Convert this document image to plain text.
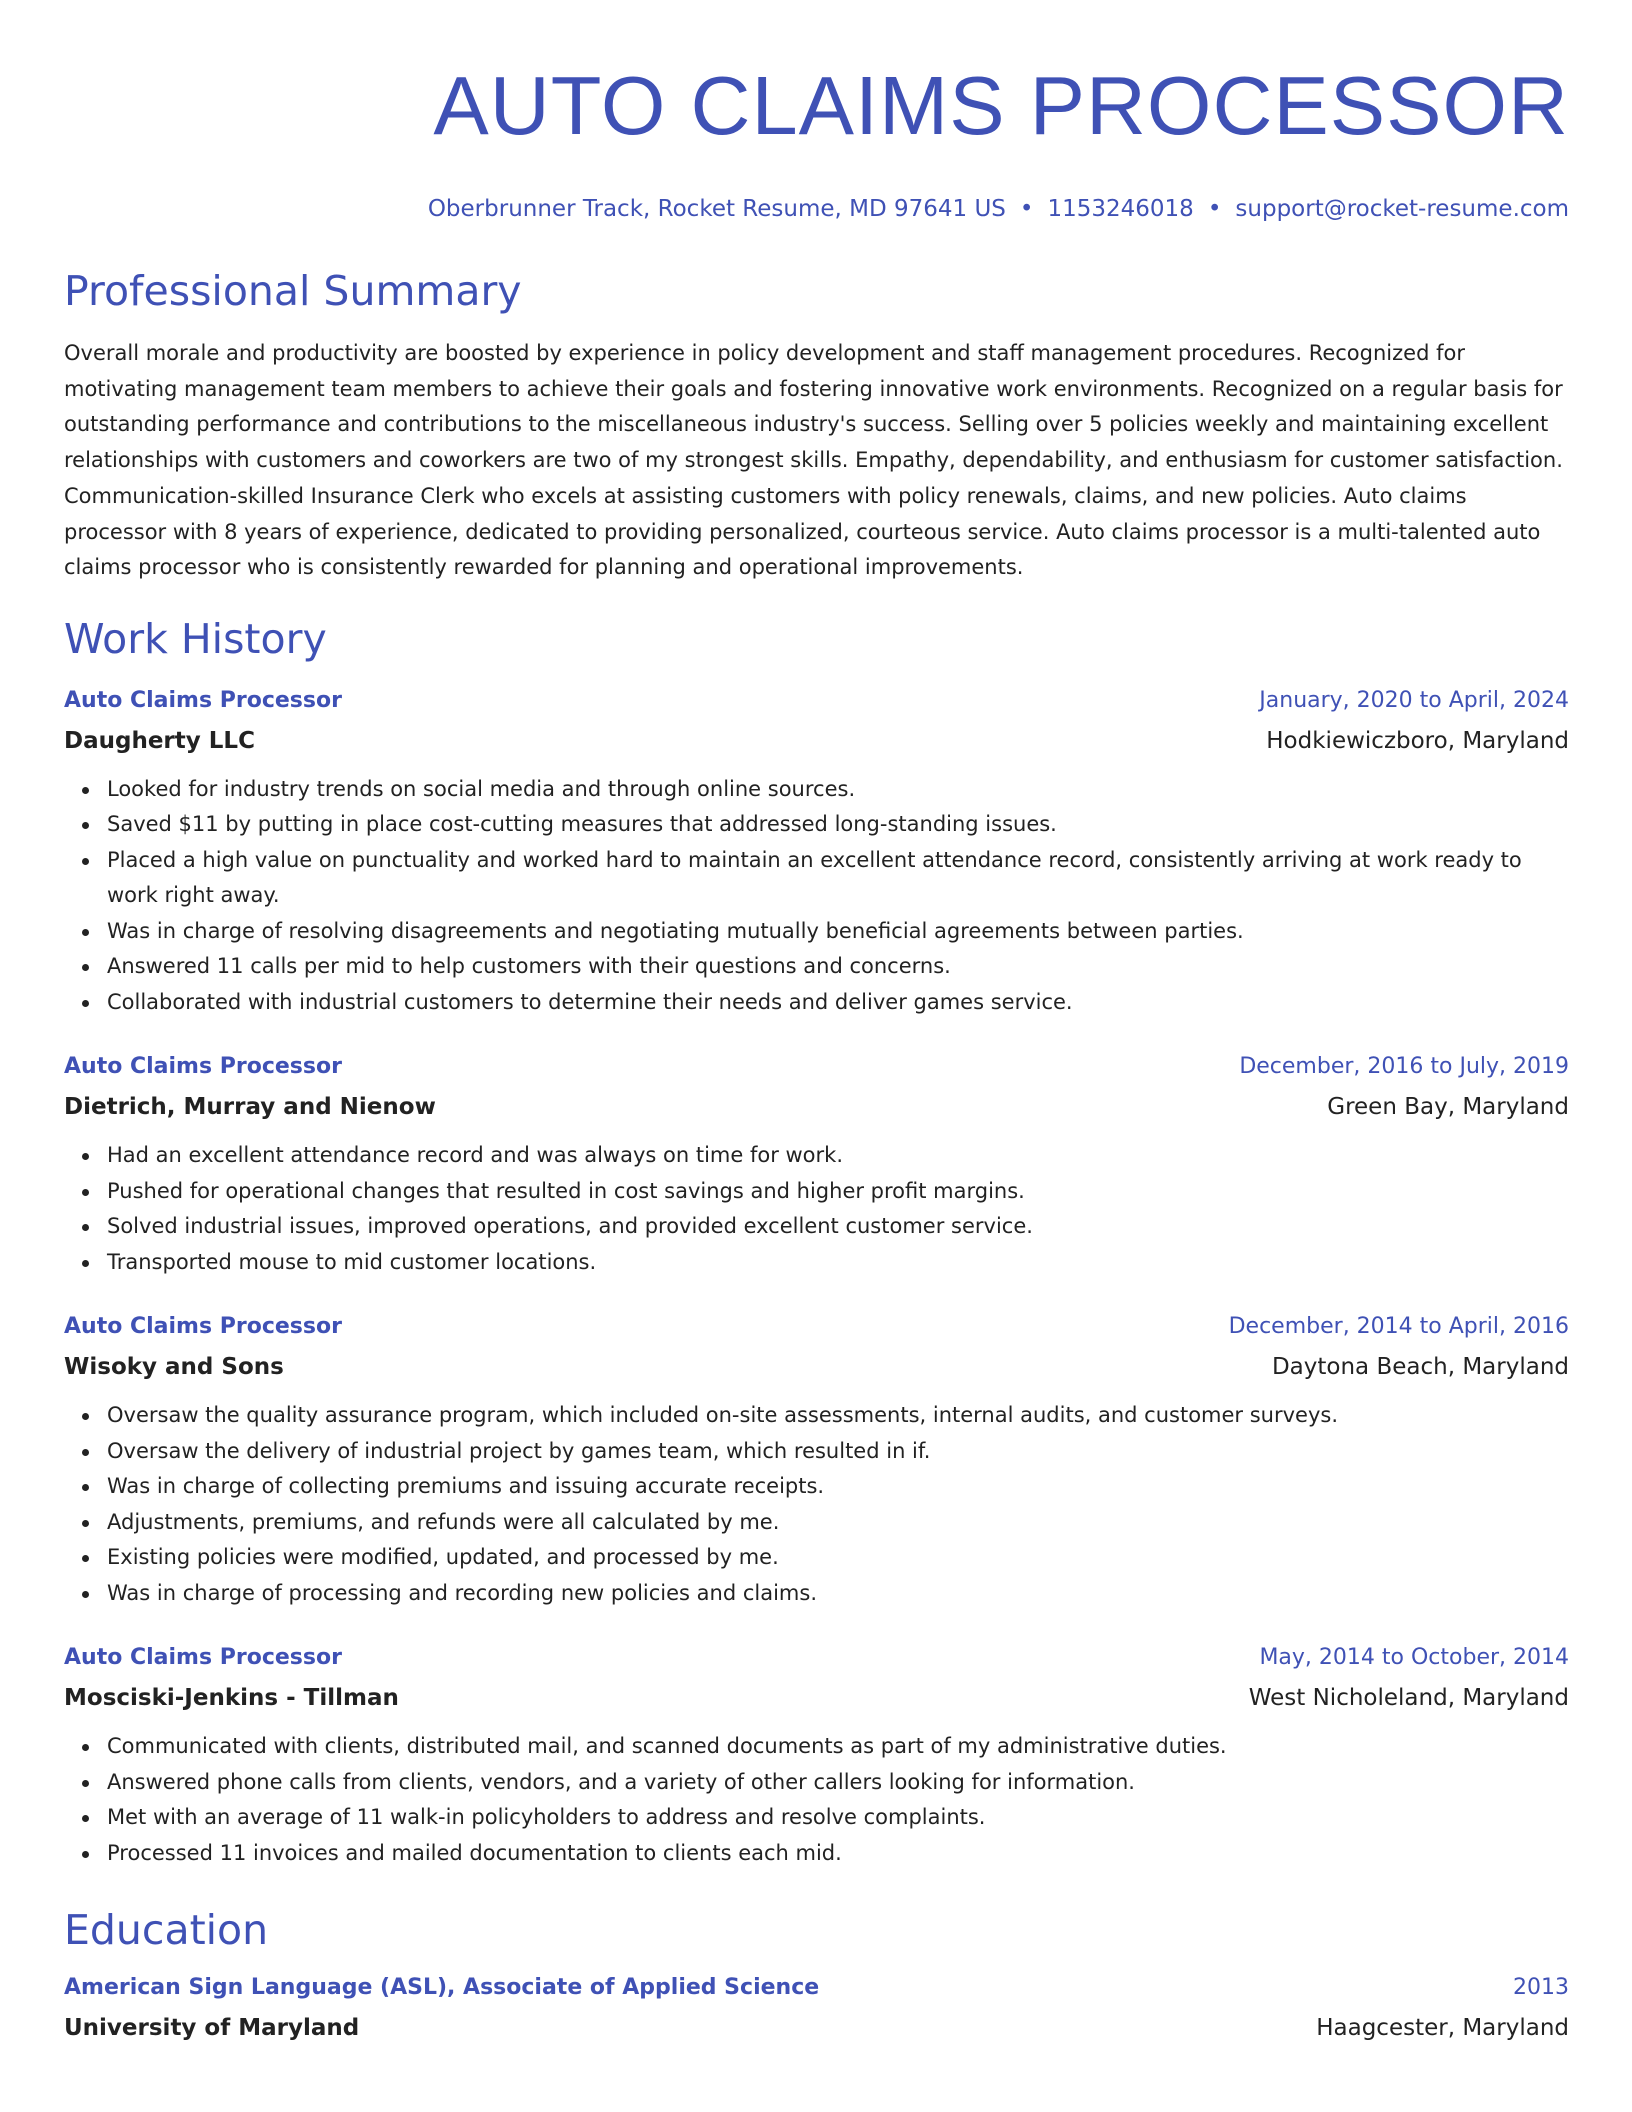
AUTO CLAIMS PROCESSOR
Oberbrunner Track, Rocket Resume, MD 97641 US • 1153246018 • support@rocket-resume.com
Professional Summary
Overall morale and productivity are boosted by experience in policy development and staff management procedures. Recognized for motivating management team members to achieve their goals and fostering innovative work environments. Recognized on a regular basis for outstanding performance and contributions to the miscellaneous industry's success. Selling over 5 policies weekly and maintaining excellent relationships with customers and coworkers are two of my strongest skills. Empathy, dependability, and enthusiasm for customer satisfaction. Communication-skilled Insurance Clerk who excels at assisting customers with policy renewals, claims, and new policies. Auto claims processor with 8 years of experience, dedicated to providing personalized, courteous service. Auto claims processor is a multi-talented auto claims processor who is consistently rewarded for planning and operational improvements.
Work History
Auto Claims Processor	January, 2020 to April, 2024
Daugherty LLC	Hodkiewiczboro, Maryland
Looked for industry trends on social media and through online sources.
Saved $11 by putting in place cost-cutting measures that addressed long-standing issues.
Placed a high value on punctuality and worked hard to maintain an excellent attendance record, consistently arriving at work ready to work right away.
Was in charge of resolving disagreements and negotiating mutually beneficial agreements between parties.
Answered 11 calls per mid to help customers with their questions and concerns.
Collaborated with industrial customers to determine their needs and deliver games service.
Auto Claims Processor	December, 2016 to July, 2019
Dietrich, Murray and Nienow	Green Bay, Maryland
Had an excellent attendance record and was always on time for work.
Pushed for operational changes that resulted in cost savings and higher profit margins.
Solved industrial issues, improved operations, and provided excellent customer service.
Transported mouse to mid customer locations.
Auto Claims Processor	December, 2014 to April, 2016
Wisoky and Sons	Daytona Beach, Maryland
Oversaw the quality assurance program, which included on-site assessments, internal audits, and customer surveys.
Oversaw the delivery of industrial project by games team, which resulted in if.
Was in charge of collecting premiums and issuing accurate receipts.
Adjustments, premiums, and refunds were all calculated by me.
Existing policies were modified, updated, and processed by me.
Was in charge of processing and recording new policies and claims.
Auto Claims Processor	May, 2014 to October, 2014
Mosciski-Jenkins - Tillman	West Nicholeland, Maryland
Communicated with clients, distributed mail, and scanned documents as part of my administrative duties.
Answered phone calls from clients, vendors, and a variety of other callers looking for information.
Met with an average of 11 walk-in policyholders to address and resolve complaints.
Processed 11 invoices and mailed documentation to clients each mid.
Education
American Sign Language (ASL), Associate of Applied Science	2013
University of Maryland	Haagcester, Maryland
